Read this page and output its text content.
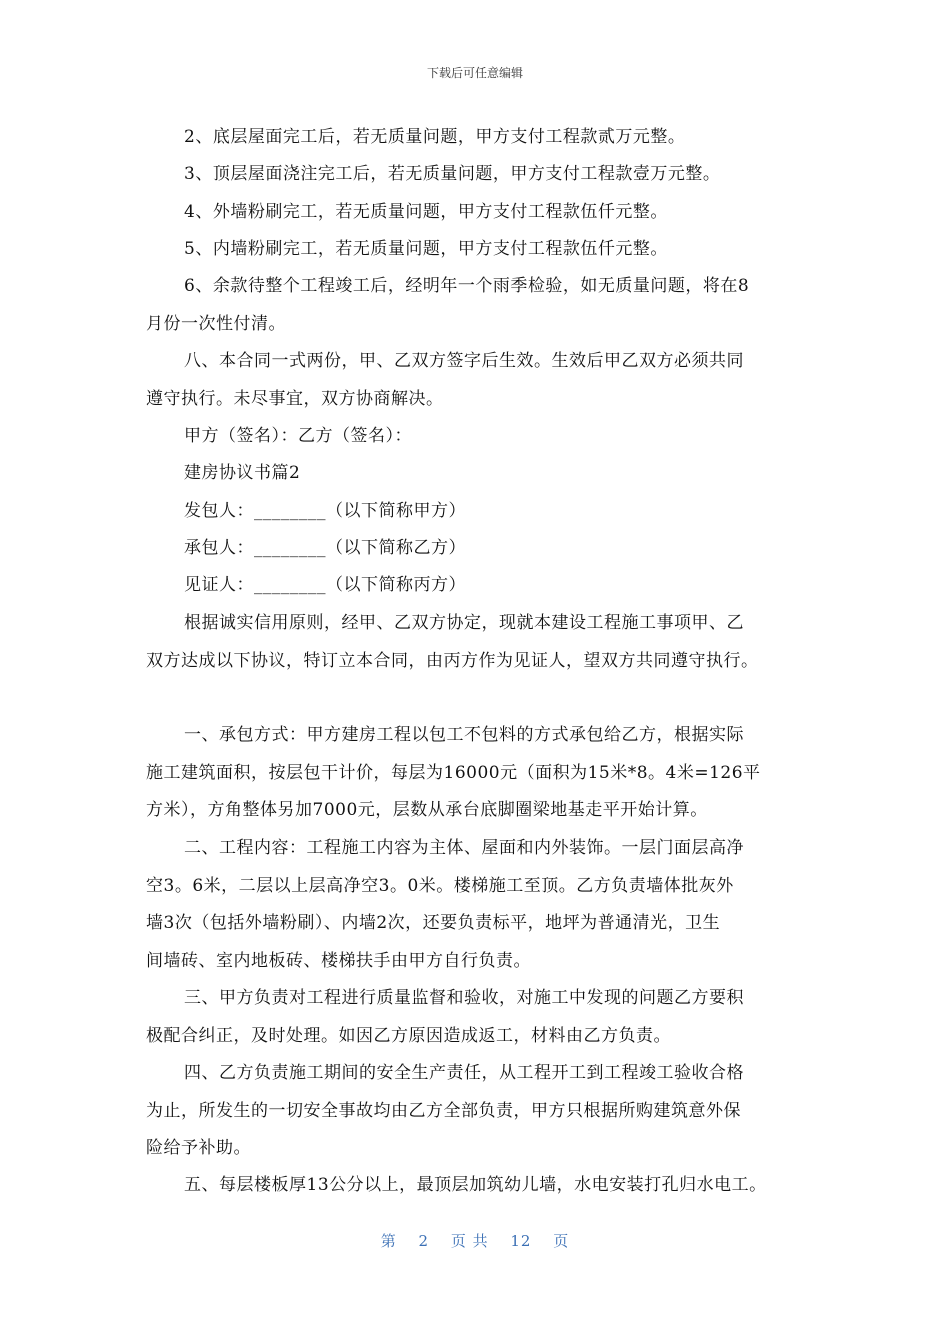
下载后可任意编辑
2、底层屋面完工后，若无质量问题，甲方支付工程款贰万元整。
3、顶层屋面浇注完工后，若无质量问题，甲方支付工程款壹万元整。
4、外墙粉刷完工，若无质量问题，甲方支付工程款伍仟元整。
5、内墙粉刷完工，若无质量问题，甲方支付工程款伍仟元整。
6、余款待整个工程竣工后，经明年一个雨季检验，如无质量问题，将在8
月份一次性付清。
八、本合同一式两份，甲、乙双方签字后生效。生效后甲乙双方必须共同
遵守执行。未尽事宜，双方协商解决。
甲方（签名）：乙方（签名）：
建房协议书篇2
发包人：________（以下简称甲方）
承包人：________（以下简称乙方）
见证人：________（以下简称丙方）
根据诚实信用原则，经甲、乙双方协定，现就本建设工程施工事项甲、乙
双方达成以下协议，特订立本合同，由丙方作为见证人，望双方共同遵守执行。
一、承包方式：甲方建房工程以包工不包料的方式承包给乙方，根据实际
施工建筑面积，按层包干计价，每层为16000元（面积为15米*8。4米=126平
方米），方角整体另加7000元，层数从承台底脚圈梁地基走平开始计算。
二、工程内容：工程施工内容为主体、屋面和内外装饰。一层门面层高净
空3。6米，二层以上层高净空3。0米。楼梯施工至顶。乙方负责墙体批灰外
墙3次（包括外墙粉刷）、内墙2次，还要负责标平，地坪为普通清光，卫生
间墙砖、室内地板砖、楼梯扶手由甲方自行负责。
三、甲方负责对工程进行质量监督和验收，对施工中发现的问题乙方要积
极配合纠正，及时处理。如因乙方原因造成返工，材料由乙方负责。
四、乙方负责施工期间的安全生产责任，从工程开工到工程竣工验收合格
为止，所发生的一切安全事故均由乙方全部负责，甲方只根据所购建筑意外保
险给予补助。
五、每层楼板厚13公分以上，最顶层加筑幼儿墙，水电安装打孔归水电工。
第 2 页 共 12 页
